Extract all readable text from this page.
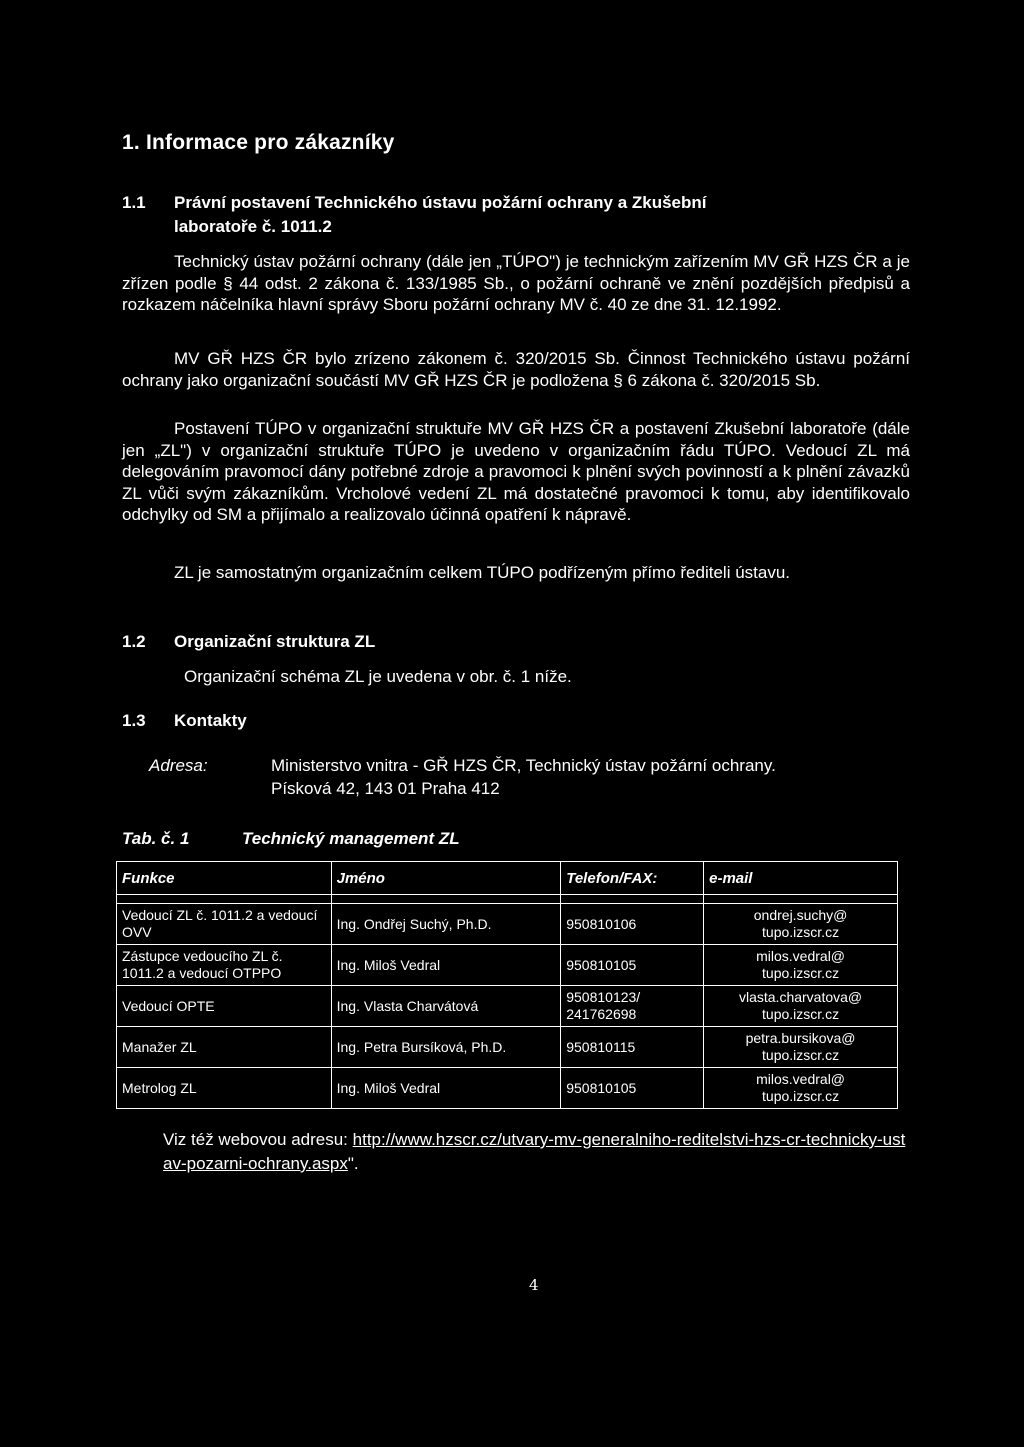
1. Informace pro zákazníky
1.1 Právní postavení Technického ústavu požární ochrany a Zkušební
laboratoře č. 1011.2
Technický ústav požární ochrany (dále jen „TÚPO") je technickým zařízením MV GŘ HZS ČR a je zřízen podle § 44 odst. 2 zákona č. 133/1985 Sb., o požární ochraně ve znění pozdějších předpisů a rozkazem náčelníka hlavní správy Sboru požární ochrany MV č. 40 ze dne 31. 12.1992.
MV GŘ HZS ČR bylo zrízeno zákonem č. 320/2015 Sb. Činnost Technického ústavu požární ochrany jako organizační součástí MV GŘ HZS ČR je podložena § 6 zákona č. 320/2015 Sb.
Postavení TÚPO v organizační struktuře MV GŘ HZS ČR a postavení Zkušební laboratoře (dále jen „ZL") v organizační struktuře TÚPO je uvedeno v organizačním řádu TÚPO. Vedoucí ZL má delegováním pravomocí dány potřebné zdroje a pravomoci k plnění svých povinností a k plnění závazků ZL vůči svým zákazníkům. Vrcholové vedení ZL má dostatečné pravomoci k tomu, aby identifikovalo odchylky od SM a přijímalo a realizovalo účinná opatření k nápravě.
ZL je samostatným organizačním celkem TÚPO podřízeným přímo řediteli ústavu.
1.2 Organizační struktura ZL
Organizační schéma ZL je uvedena v obr. č. 1 níže.
1.3 Kontakty
Adresa:	Ministerstvo vnitra - GŘ HZS ČR, Technický ústav požární ochrany.
Písková 42, 143 01 Praha 412
Tab. č. 1	Technický management ZL
Funkce	Jméno	Telefon/FAX:	e-mail

Vedoucí ZL č. 1011.2 a vedoucí OVV	Ing. Ondřej Suchý, Ph.D.	950810106	ondrej.suchy@
tupo.izscr.cz
Zástupce vedoucího ZL č. 1011.2 a vedoucí OTPPO	Ing. Miloš Vedral	950810105	milos.vedral@
tupo.izscr.cz
Vedoucí OPTE	Ing. Vlasta Charvátová	950810123/ 241762698	vlasta.charvatova@
tupo.izscr.cz
Manažer ZL	Ing. Petra Bursíková, Ph.D.	950810115	petra.bursikova@
tupo.izscr.cz
Metrolog ZL	Ing. Miloš Vedral	950810105	milos.vedral@
tupo.izscr.cz
Viz též webovou adresu: http://www.hzscr.cz/utvary-mv-generalniho-reditelstvi-hzs-cr-technicky-ustav-pozarni-ochrany.aspx".
4
